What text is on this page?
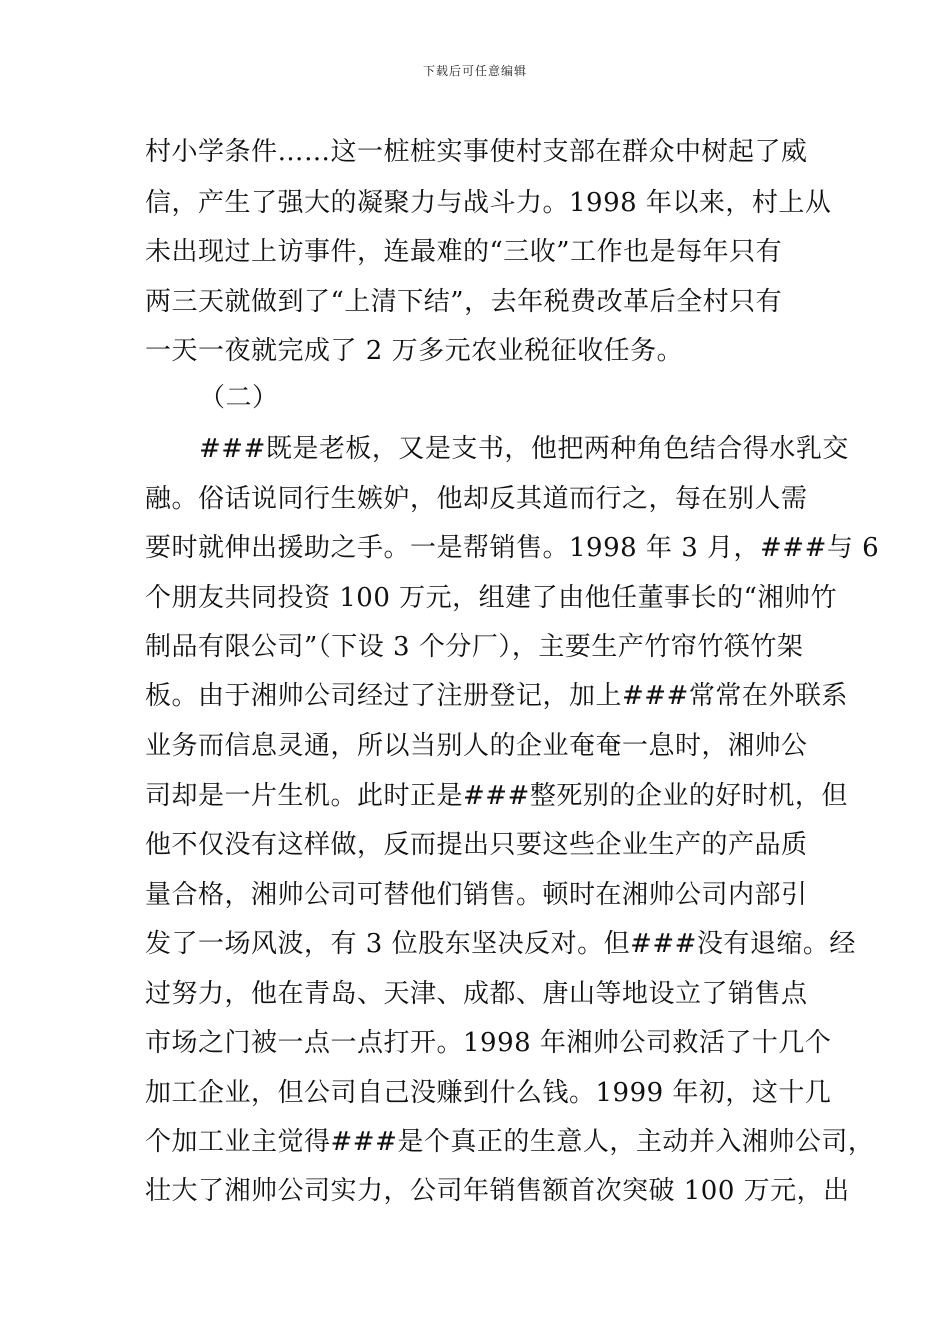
下载后可任意编辑
村小学条件……这一桩桩实事使村支部在群众中树起了威
信，产生了强大的凝聚力与战斗力。1998 年以来，村上从
未出现过上访事件，连最难的“三收”工作也是每年只有
两三天就做到了“上清下结”，去年税费改革后全村只有
一天一夜就完成了 2 万多元农业税征收任务。
（二）
###既是老板，又是支书，他把两种角色结合得水乳交
融。俗话说同行生嫉妒，他却反其道而行之，每在别人需
要时就伸出援助之手。一是帮销售。1998 年 3 月，###与 6
个朋友共同投资 100 万元，组建了由他任董事长的“湘帅竹
制品有限公司”（下设 3 个分厂），主要生产竹帘竹筷竹架
板。由于湘帅公司经过了注册登记，加上###常常在外联系
业务而信息灵通，所以当别人的企业奄奄一息时，湘帅公
司却是一片生机。此时正是###整死别的企业的好时机，但
他不仅没有这样做，反而提出只要这些企业生产的产品质
量合格，湘帅公司可替他们销售。顿时在湘帅公司内部引
发了一场风波，有 3 位股东坚决反对。但###没有退缩。经
过努力，他在青岛、天津、成都、唐山等地设立了销售点
市场之门被一点一点打开。1998 年湘帅公司救活了十几个
加工企业，但公司自己没赚到什么钱。1999 年初，这十几
个加工业主觉得###是个真正的生意人，主动并入湘帅公司，
壮大了湘帅公司实力，公司年销售额首次突破 100 万元，出
